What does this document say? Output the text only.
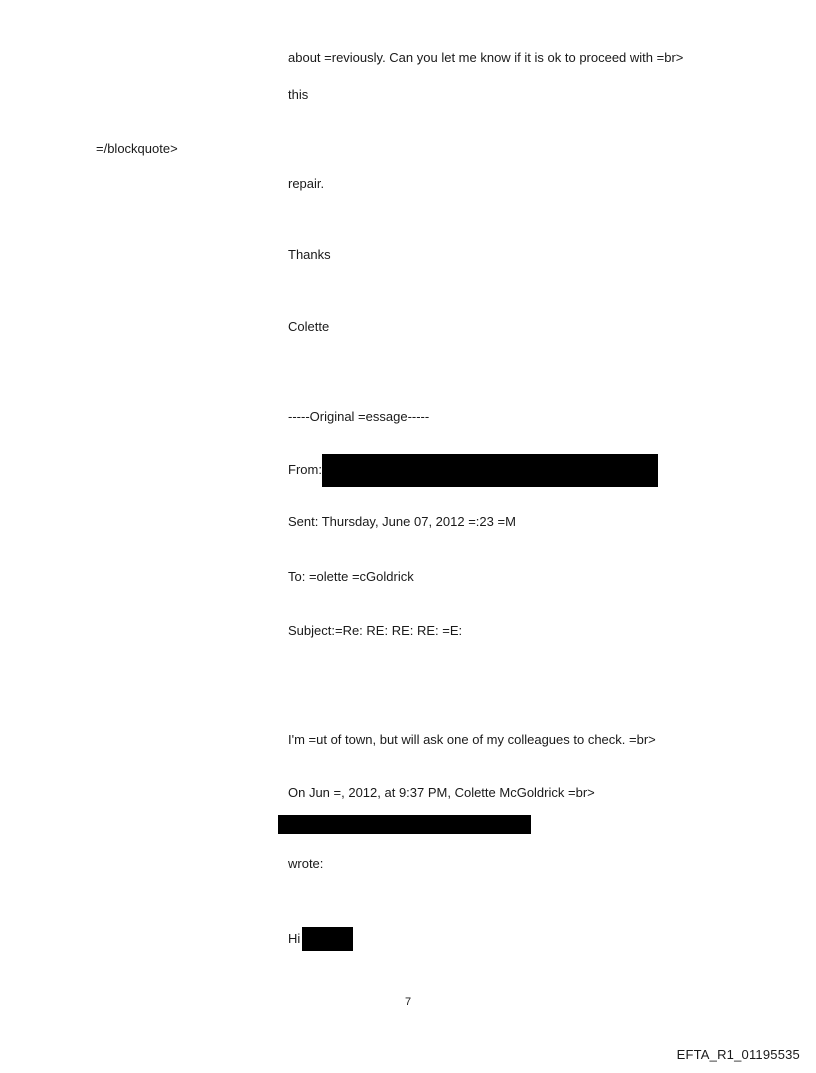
about =reviously. Can you let me know if it is ok to proceed with =br>
this
=/blockquote>
repair.
Thanks
Colette
-----Original =essage-----
From:
Sent: Thursday, June 07, 2012 =:23 =M
To: =olette =cGoldrick
Subject:=Re: RE: RE: RE: =E:
I'm =ut of town, but will ask one of my colleagues to check. =br>
On Jun =, 2012, at 9:37 PM, Colette McGoldrick =br>
wrote:
Hi
7
EFTA_R1_01195535
